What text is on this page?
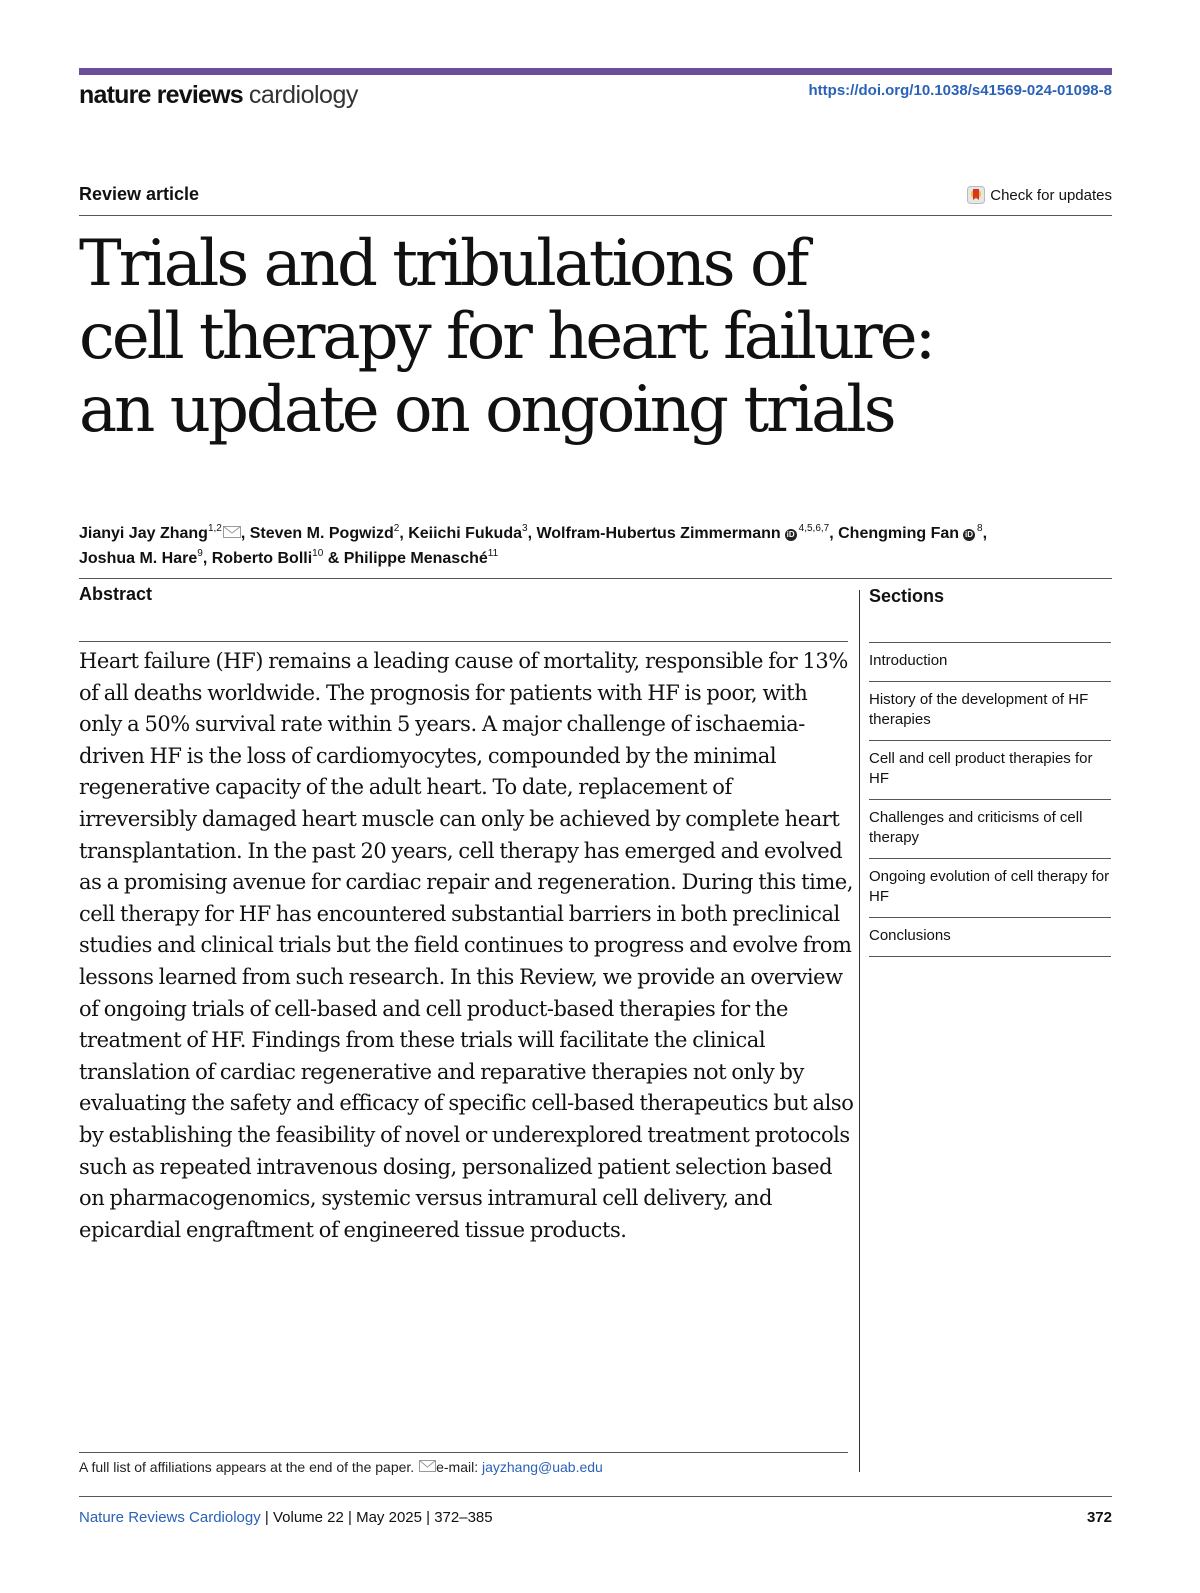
nature reviews cardiology	https://doi.org/10.1038/s41569-024-01098-8
Review article	Check for updates
Trials and tribulations of
cell therapy for heart failure:
an update on ongoing trials
Jianyi Jay Zhang$^{1,2}$ , Steven M. Pogwizd$^2$, Keiichi Fukuda$^3$, Wolfram-Hubertus Zimmermann iD$^{4,5,6,7}$, Chengming Fan $iD^8$,
Joshua M. Hare$^9$, Roberto Bolli$^{10}$ & Philippe Menasché$^{11}$
Abstract

Heart failure (HF) remains a leading cause of mortality, responsible for 13% of all deaths worldwide. The prognosis for patients with HF is poor, with only a 50% survival rate within 5 years. A major challenge of ischaemia-driven HF is the loss of cardiomyocytes, compounded by the minimal regenerative capacity of the adult heart. To date, replacement of irreversibly damaged heart muscle can only be achieved by complete heart transplantation. In the past 20 years, cell therapy has emerged and evolved as a promising avenue for cardiac repair and regeneration. During this time, cell therapy for HF has encountered substantial barriers in both preclinical studies and clinical trials but the field continues to progress and evolve from lessons learned from such research. In this Review, we provide an overview of ongoing trials of cell-based and cell product-based therapies for the treatment of HF. Findings from these trials will facilitate the clinical translation of cardiac regenerative and reparative therapies not only by evaluating the safety and efficacy of specific cell-based therapeutics but also by establishing the feasibility of novel or underexplored treatment protocols such as repeated intravenous dosing, personalized patient selection based on pharmacogenomics, systemic versus intramural cell delivery, and epicardial engraftment of engineered tissue products.

Sections
Introduction
History of the development of HF therapies
Cell and cell product therapies for HF
Challenges and criticisms of cell therapy
Ongoing evolution of cell therapy for HF
Conclusions
A full list of affiliations appears at the end of the paper. e-mail: jayzhang@uab.edu
Nature Reviews Cardiology | Volume 22 | May 2025 | 372–385	372
